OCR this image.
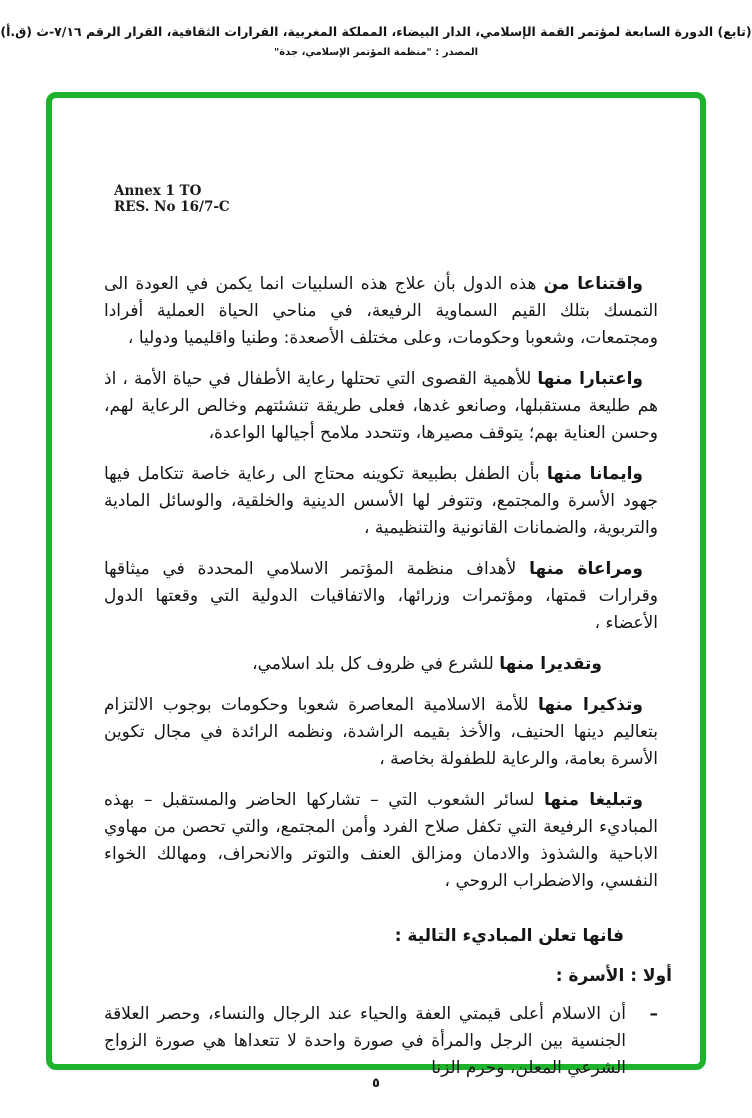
(تابع) الدورة السابعة لمؤتمر القمة الإسلامي، الدار البيضاء، المملكة المغربية، القرارات الثقافية، القرار الرقم ٧/١٦-ث (ق.أ)
المصدر : "منظمة المؤتمر الإسلامي، جدة"
Annex 1 TO
RES. No 16/7-C
واقتناعا من هذه الدول بأن علاج هذه السلبيات انما يكمن في العودة الى التمسك بتلك القيم السماوية الرفيعة، في مناحي الحياة العملية أفرادا ومجتمعات، وشعوبا وحكومات، وعلى مختلف الأصعدة: وطنيا واقليميا ودوليا ،
واعتبارا منها للأهمية القصوى التي تحتلها رعاية الأطفال في حياة الأمة ، اذ هم طليعة مستقبلها، وصانعو غدها، فعلى طريقة تنشئتهم وخالص الرعاية لهم، وحسن العناية بهم؛ يتوقف مصيرها، وتتحدد ملامح أجيالها الواعدة،
وايمانا منها بأن الطفل بطبيعة تكوينه محتاج الى رعاية خاصة تتكامل فيها جهود الأسرة والمجتمع، وتتوفر لها الأسس الدينية والخلقية، والوسائل المادية والتربوية، والضمانات القانونية والتنظيمية ،
ومراعاة منها لأهداف منظمة المؤتمر الاسلامي المحددة في ميثاقها وقرارات قمتها، ومؤتمرات وزرائها، والاتفاقيات الدولية التي وقعتها الدول الأعضاء ،
وتقديرا منها للشرع في ظروف كل بلد اسلامي،
وتذكيرا منها للأمة الاسلامية المعاصرة شعوبا وحكومات بوجوب الالتزام بتعاليم دينها الحنيف، والأخذ بقيمه الراشدة، ونظمه الرائدة في مجال تكوين الأسرة بعامة، والرعاية للطفولة بخاصة ،
وتبليغا منها لسائر الشعوب التي – تشاركها الحاضر والمستقبل – بهذه المباديء الرفيعة التي تكفل صلاح الفرد وأمن المجتمع، والتي تحصن من مهاوي الاباحية والشذوذ والادمان ومزالق العنف والتوتر والانحراف، ومهالك الخواء النفسي، والاضطراب الروحي ،
فانها تعلن المباديء التالية :
أولا : الأسرة :
–
أن الاسلام أعلى قيمتي العفة والحياء عند الرجال والنساء، وحصر العلاقة الجنسية بين الرجل والمرأة في صورة واحدة لا تتعداها هي صورة الزواج الشرعي المعلن، وحرم الزنا
٥
